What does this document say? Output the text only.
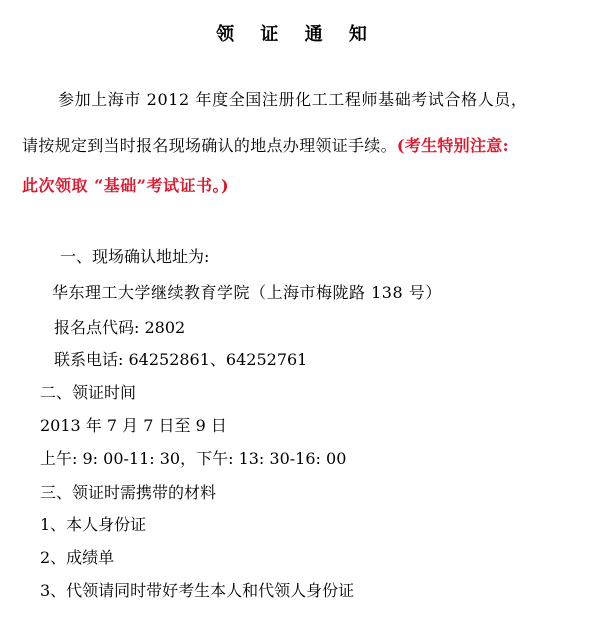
领 证 通 知
参加上海市 2012 年度全国注册化工工程师基础考试合格人员，
请按规定到当时报名现场确认的地点办理领证手续。(考生特别注意:
此次领取 “基础”考试证书。)
一、现场确认地址为:
华东理工大学继续教育学院（上海市梅陇路 138 号）
报名点代码: 2802
联系电话: 64252861、64252761
二、领证时间
2013 年 7 月 7 日至 9 日
上午: 9: 00-11: 30，下午: 13: 30-16: 00
三、领证时需携带的材料
1、本人身份证
2、成绩单
3、代领请同时带好考生本人和代领人身份证
